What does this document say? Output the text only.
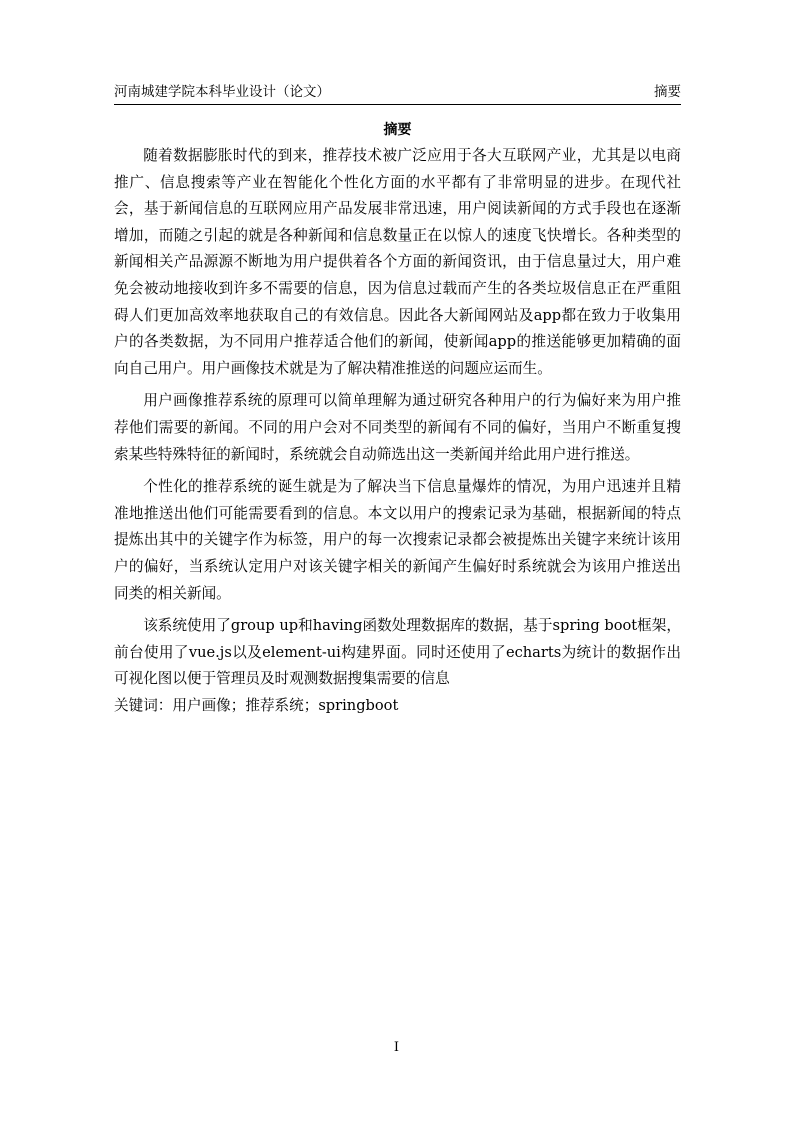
河南城建学院本科毕业设计（论文）	摘要
摘要

随着数据膨胀时代的到来，推荐技术被广泛应用于各大互联网产业，尤其是以电商推广、信息搜索等产业在智能化个性化方面的水平都有了非常明显的进步。在现代社会，基于新闻信息的互联网应用产品发展非常迅速，用户阅读新闻的方式手段也在逐渐增加，而随之引起的就是各种新闻和信息数量正在以惊人的速度飞快增长。各种类型的新闻相关产品源源不断地为用户提供着各个方面的新闻资讯，由于信息量过大，用户难免会被动地接收到许多不需要的信息，因为信息过载而产生的各类垃圾信息正在严重阻碍人们更加高效率地获取自己的有效信息。因此各大新闻网站及app都在致力于收集用户的各类数据，为不同用户推荐适合他们的新闻，使新闻app的推送能够更加精确的面向自己用户。用户画像技术就是为了解决精准推送的问题应运而生。

用户画像推荐系统的原理可以简单理解为通过研究各种用户的行为偏好来为用户推荐他们需要的新闻。不同的用户会对不同类型的新闻有不同的偏好，当用户不断重复搜索某些特殊特征的新闻时，系统就会自动筛选出这一类新闻并给此用户进行推送。

个性化的推荐系统的诞生就是为了解决当下信息量爆炸的情况，为用户迅速并且精准地推送出他们可能需要看到的信息。本文以用户的搜索记录为基础，根据新闻的特点提炼出其中的关键字作为标签，用户的每一次搜索记录都会被提炼出关键字来统计该用户的偏好，当系统认定用户对该关键字相关的新闻产生偏好时系统就会为该用户推送出同类的相关新闻。

该系统使用了group up和having函数处理数据库的数据，基于spring boot框架，前台使用了vue.js以及element-ui构建界面。同时还使用了echarts为统计的数据作出可视化图以便于管理员及时观测数据搜集需要的信息

关键词：用户画像；推荐系统；springboot

I
